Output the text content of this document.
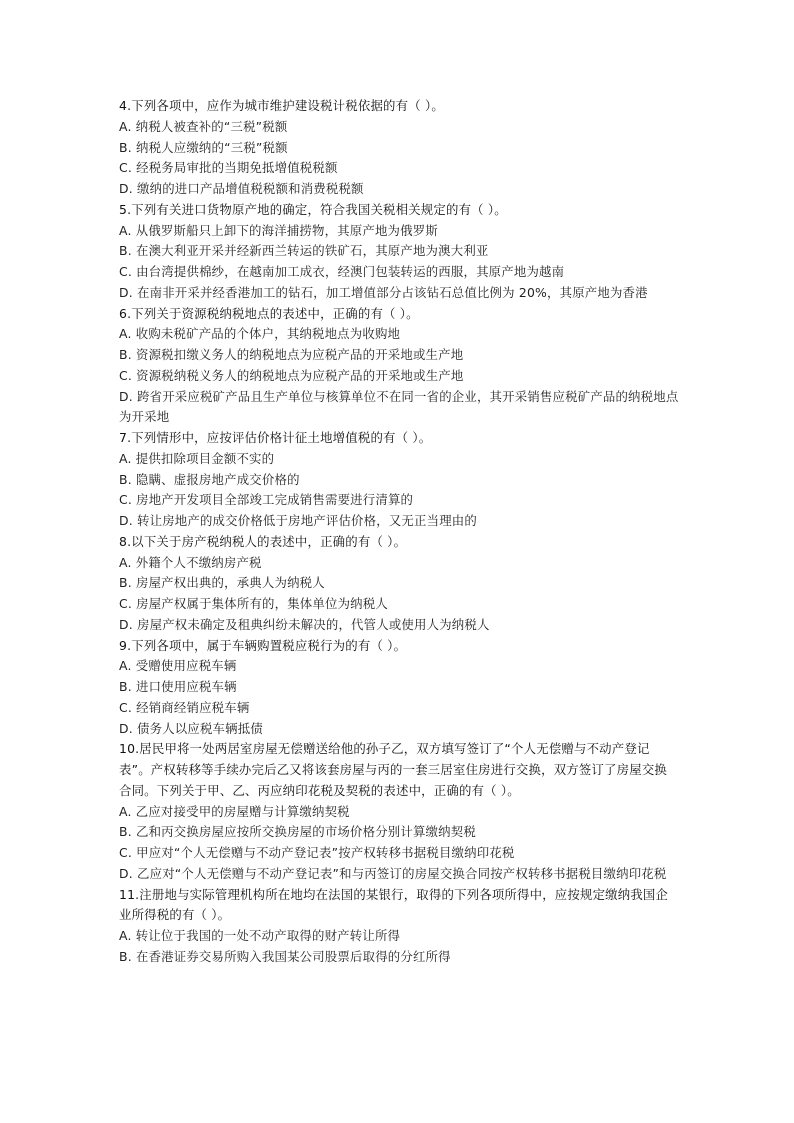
4.下列各项中，应作为城市维护建设税计税依据的有（ ）。
A. 纳税人被查补的“三税”税额
B. 纳税人应缴纳的“三税”税额
C. 经税务局审批的当期免抵增值税税额
D. 缴纳的进口产品增值税税额和消费税税额
5.下列有关进口货物原产地的确定，符合我国关税相关规定的有（ ）。
A. 从俄罗斯船只上卸下的海洋捕捞物，其原产地为俄罗斯
B. 在澳大利亚开采并经新西兰转运的铁矿石，其原产地为澳大利亚
C. 由台湾提供棉纱，在越南加工成衣，经澳门包装转运的西服，其原产地为越南
D. 在南非开采并经香港加工的钻石，加工增值部分占该钻石总值比例为 20%，其原产地为香港
6.下列关于资源税纳税地点的表述中，正确的有（ ）。
A. 收购未税矿产品的个体户，其纳税地点为收购地
B. 资源税扣缴义务人的纳税地点为应税产品的开采地或生产地
C. 资源税纳税义务人的纳税地点为应税产品的开采地或生产地
D. 跨省开采应税矿产品且生产单位与核算单位不在同一省的企业，其开采销售应税矿产品的纳税地点为开采地
7.下列情形中，应按评估价格计征土地增值税的有（ ）。
A. 提供扣除项目金额不实的
B. 隐瞒、虚报房地产成交价格的
C. 房地产开发项目全部竣工完成销售需要进行清算的
D. 转让房地产的成交价格低于房地产评估价格，又无正当理由的
8.以下关于房产税纳税人的表述中，正确的有（ ）。
A. 外籍个人不缴纳房产税
B. 房屋产权出典的，承典人为纳税人
C. 房屋产权属于集体所有的，集体单位为纳税人
D. 房屋产权未确定及租典纠纷未解决的，代管人或使用人为纳税人
9.下列各项中，属于车辆购置税应税行为的有（ ）。
A. 受赠使用应税车辆
B. 进口使用应税车辆
C. 经销商经销应税车辆
D. 债务人以应税车辆抵债
10.居民甲将一处两居室房屋无偿赠送给他的孙子乙，双方填写签订了“个人无偿赠与不动产登记表”。产权转移等手续办完后乙又将该套房屋与丙的一套三居室住房进行交换，双方签订了房屋交换合同。下列关于甲、乙、丙应纳印花税及契税的表述中，正确的有（ ）。
A. 乙应对接受甲的房屋赠与计算缴纳契税
B. 乙和丙交换房屋应按所交换房屋的市场价格分别计算缴纳契税
C. 甲应对“个人无偿赠与不动产登记表”按产权转移书据税目缴纳印花税
D. 乙应对“个人无偿赠与不动产登记表”和与丙签订的房屋交换合同按产权转移书据税目缴纳印花税
11.注册地与实际管理机构所在地均在法国的某银行，取得的下列各项所得中，应按规定缴纳我国企业所得税的有（ ）。
A. 转让位于我国的一处不动产取得的财产转让所得
B. 在香港证券交易所购入我国某公司股票后取得的分红所得
